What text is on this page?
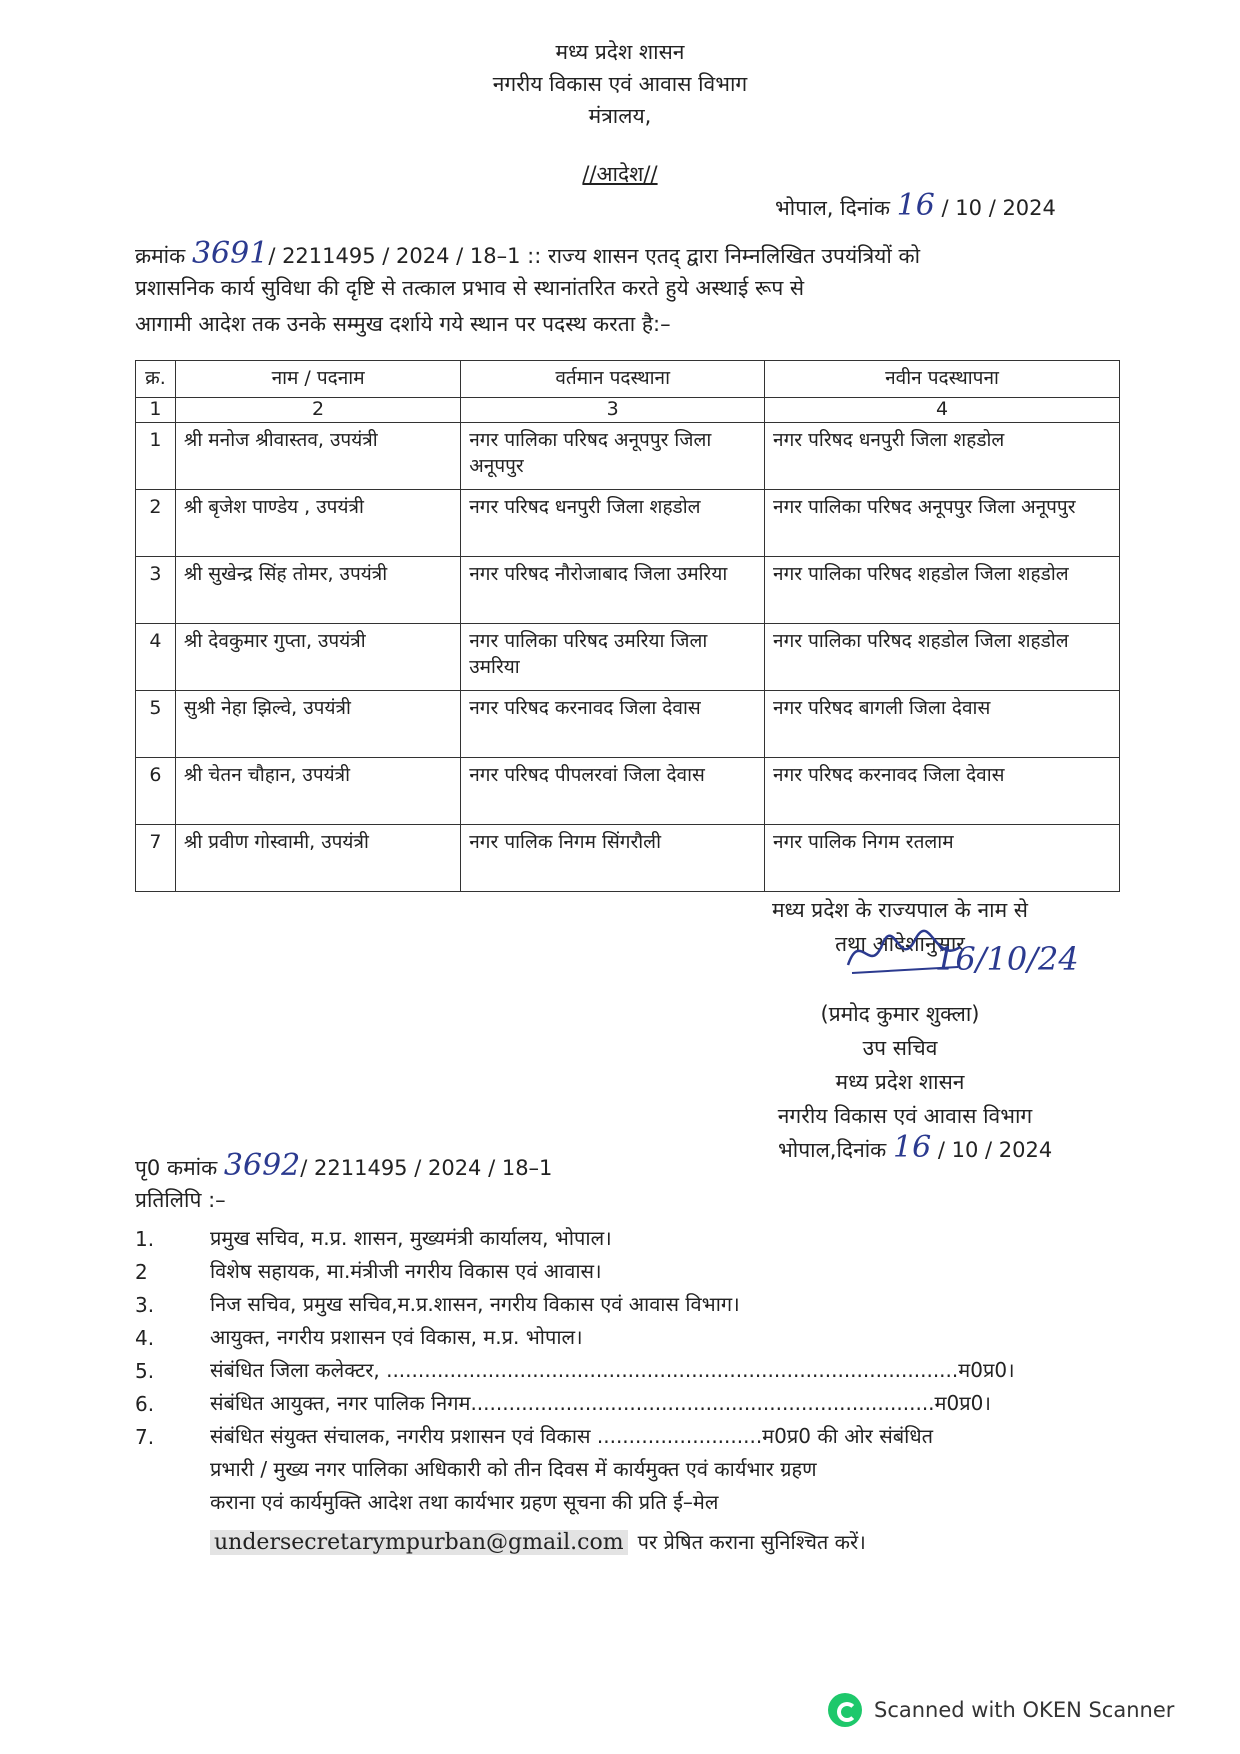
मध्य प्रदेश शासन
नगरीय विकास एवं आवास विभाग
मंत्रालय,
//आदेश//
भोपाल, दिनांक 16 / 10 / 2024
क्रमांक 3691/ 2211495 / 2024 / 18–1 :: राज्य शासन एतद् द्वारा निम्नलिखित उपयंत्रियों को
प्रशासनिक कार्य सुविधा की दृष्टि से तत्काल प्रभाव से स्थानांतरित करते हुये अस्थाई रूप से
आगामी आदेश तक उनके सम्मुख दर्शाये गये स्थान पर पदस्थ करता है:–
क्र.	नाम / पदनाम	वर्तमान पदस्थाना	नवीन पदस्थापना
1	2	3	4
1	श्री मनोज श्रीवास्तव, उपयंत्री	नगर पालिका परिषद अनूपपुर जिला अनूपपुर	नगर परिषद धनपुरी जिला शहडोल
2	श्री बृजेश पाण्डेय , उपयंत्री	नगर परिषद धनपुरी जिला शहडोल	नगर पालिका परिषद अनूपपुर जिला अनूपपुर
3	श्री सुखेन्द्र सिंह तोमर, उपयंत्री	नगर परिषद नौरोजाबाद जिला उमरिया	नगर पालिका परिषद शहडोल जिला शहडोल
4	श्री देवकुमार गुप्ता, उपयंत्री	नगर पालिका परिषद उमरिया जिला उमरिया	नगर पालिका परिषद शहडोल जिला शहडोल
5	सुश्री नेहा झिल्वे, उपयंत्री	नगर परिषद करनावद जिला देवास	नगर परिषद बागली जिला देवास
6	श्री चेतन चौहान, उपयंत्री	नगर परिषद पीपलरवां जिला देवास	नगर परिषद करनावद जिला देवास
7	श्री प्रवीण गोस्वामी, उपयंत्री	नगर पालिक निगम सिंगरौली	नगर पालिक निगम रतलाम
मध्य प्रदेश के राज्यपाल के नाम से
तथा आदेशानुसार
16/10/24
(प्रमोद कुमार शुक्ला)
उप सचिव
मध्य प्रदेश शासन
नगरीय विकास एवं आवास विभाग
भोपाल,दिनांक 16 / 10 / 2024
पृ0 कमांक 3692/ 2211495 / 2024 / 18–1
प्रतिलिपि :–
1.	प्रमुख सचिव, म.प्र. शासन, मुख्यमंत्री कार्यालय, भोपाल।
2	विशेष सहायक, मा.मंत्रीजी नगरीय विकास एवं आवास।
3.	निज सचिव, प्रमुख सचिव,म.प्र.शासन, नगरीय विकास एवं आवास विभाग।
4.	आयुक्त, नगरीय प्रशासन एवं विकास, म.प्र. भोपाल।
5.	संबंधित जिला कलेक्टर, ..........................................................................................म0प्र0।
6.	संबंधित आयुक्त, नगर पालिक निगम.........................................................................म0प्र0।
7.	संबंधित संयुक्त संचालक, नगरीय प्रशासन एवं विकास ..........................म0प्र0 की ओर संबंधित
प्रभारी / मुख्य नगर पालिका अधिकारी को तीन दिवस में कार्यमुक्त एवं कार्यभार ग्रहण
कराना एवं कार्यमुक्ति आदेश तथा कार्यभार ग्रहण सूचना की प्रति ई–मेल
undersecretarympurban@gmail.com पर प्रेषित कराना सुनिश्चित करें।
Scanned with OKEN Scanner
